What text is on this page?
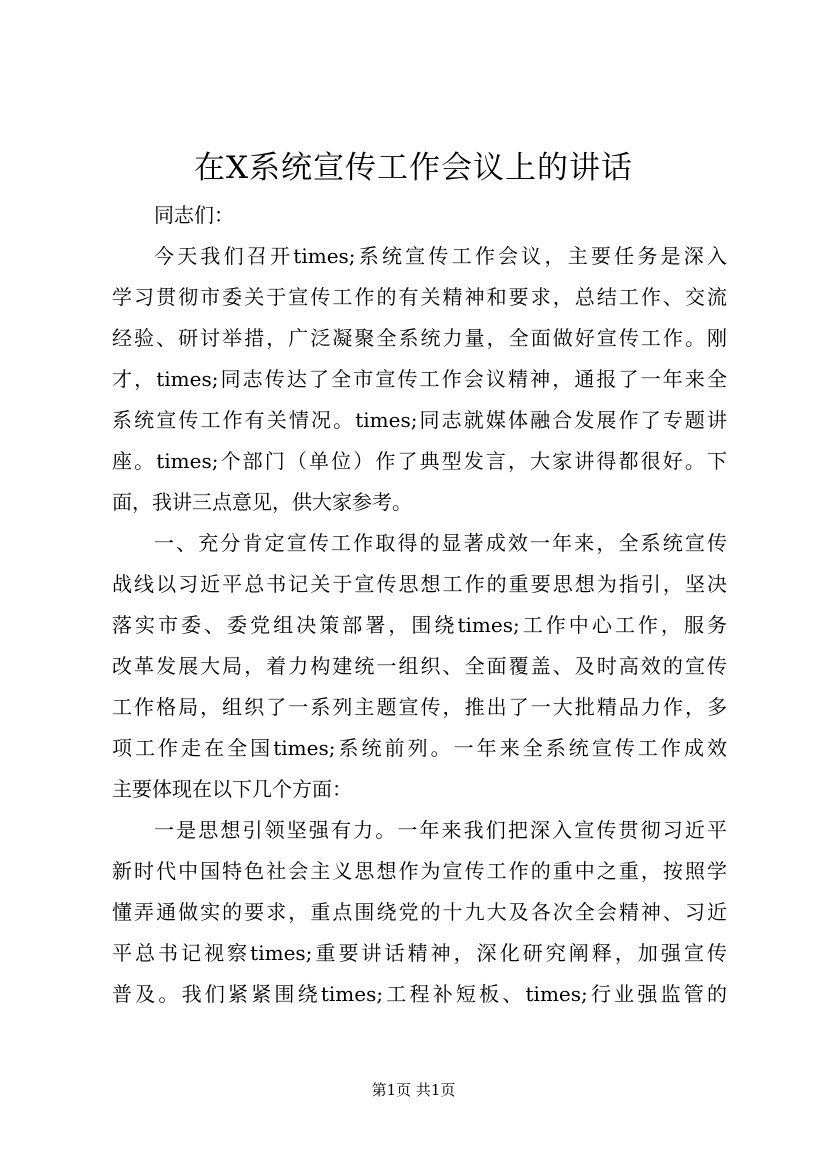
在X系统宣传工作会议上的讲话
同志们：
今天我们召开times;系统宣传工作会议，主要任务是深入
学习贯彻市委关于宣传工作的有关精神和要求，总结工作、交流
经验、研讨举措，广泛凝聚全系统力量，全面做好宣传工作。刚
才，times;同志传达了全市宣传工作会议精神，通报了一年来全
系统宣传工作有关情况。times;同志就媒体融合发展作了专题讲
座。times;个部门（单位）作了典型发言，大家讲得都很好。下
面，我讲三点意见，供大家参考。
一、充分肯定宣传工作取得的显著成效一年来，全系统宣传
战线以习近平总书记关于宣传思想工作的重要思想为指引，坚决
落实市委、委党组决策部署，围绕times;工作中心工作，服务
改革发展大局，着力构建统一组织、全面覆盖、及时高效的宣传
工作格局，组织了一系列主题宣传，推出了一大批精品力作，多
项工作走在全国times;系统前列。一年来全系统宣传工作成效
主要体现在以下几个方面：
一是思想引领坚强有力。一年来我们把深入宣传贯彻习近平
新时代中国特色社会主义思想作为宣传工作的重中之重，按照学
懂弄通做实的要求，重点围绕党的十九大及各次全会精神、习近
平总书记视察times;重要讲话精神，深化研究阐释，加强宣传
普及。我们紧紧围绕times;工程补短板、times;行业强监管的
第1页 共1页
